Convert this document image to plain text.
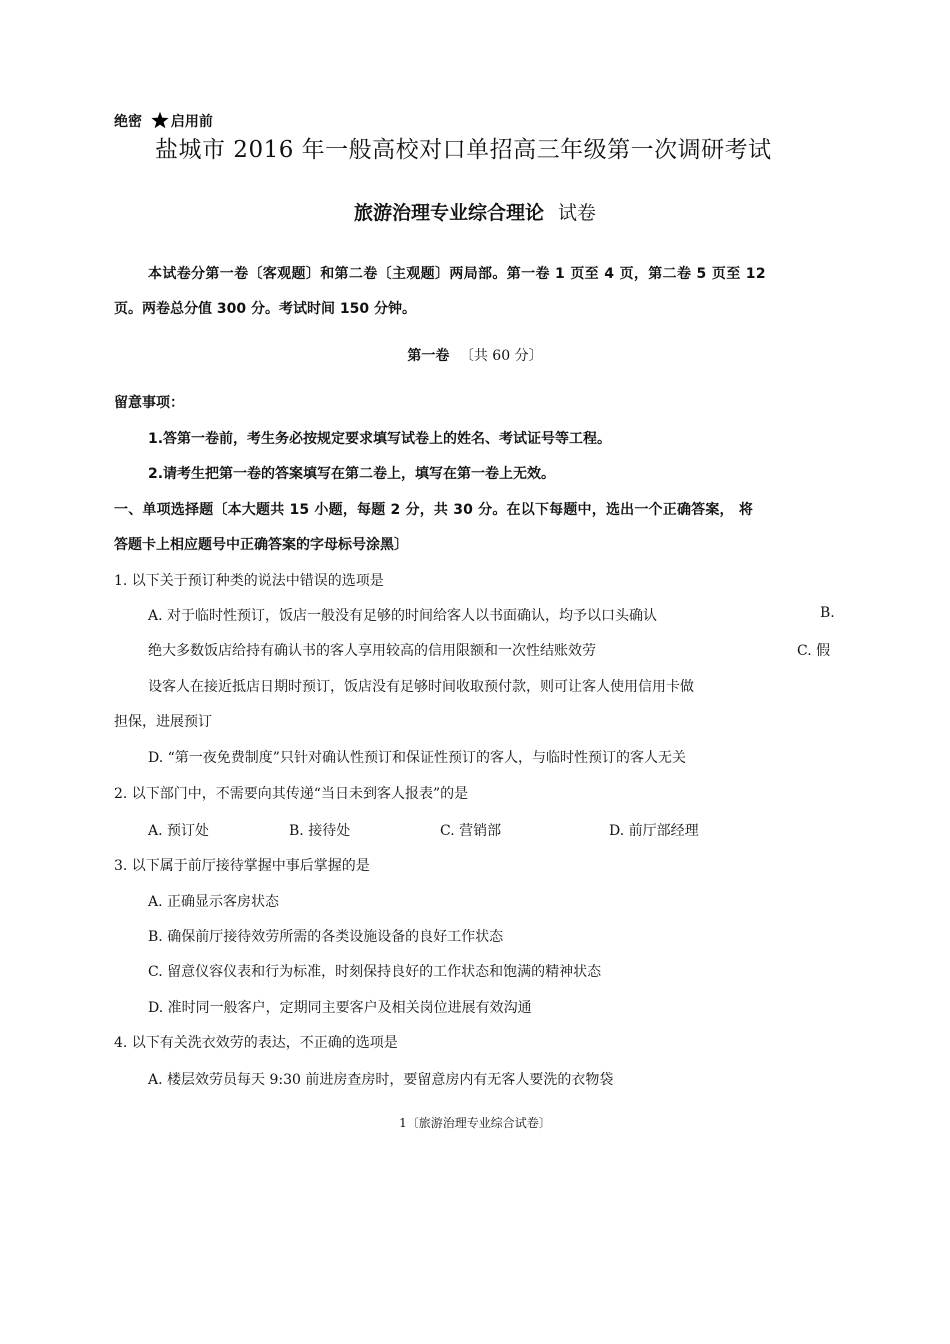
绝密 启用前
盐城市 2016 年一般高校对口单招高三年级第一次调研考试
旅游治理专业综合理论 试卷
本试卷分第一卷〔客观题〕和第二卷〔主观题〕两局部。第一卷 1 页至 4 页，第二卷 5 页至 12
页。两卷总分值 300 分。考试时间 150 分钟。
第一卷 〔共 60 分〕
留意事项：
1.答第一卷前，考生务必按规定要求填写试卷上的姓名、考试证号等工程。
2.请考生把第一卷的答案填写在第二卷上，填写在第一卷上无效。
一、单项选择题〔本大题共 15 小题，每题 2 分，共 30 分。在以下每题中，选出一个正确答案， 将
答题卡上相应题号中正确答案的字母标号涂黑〕
1. 以下关于预订种类的说法中错误的选项是
A. 对于临时性预订，饭店一般没有足够的时间给客人以书面确认，均予以口头确认	B.
绝大多数饭店给持有确认书的客人享用较高的信用限额和一次性结账效劳	C. 假
设客人在接近抵店日期时预订，饭店没有足够时间收取预付款，则可让客人使用信用卡做
担保，进展预订
D. “第一夜免费制度”只针对确认性预订和保证性预订的客人，与临时性预订的客人无关
2. 以下部门中，不需要向其传递“当日未到客人报表”的是
A. 预订处	B. 接待处	C. 营销部	D. 前厅部经理
3. 以下属于前厅接待掌握中事后掌握的是
A. 正确显示客房状态
B. 确保前厅接待效劳所需的各类设施设备的良好工作状态
C. 留意仪容仪表和行为标准，时刻保持良好的工作状态和饱满的精神状态
D. 准时同一般客户，定期同主要客户及相关岗位进展有效沟通
4. 以下有关洗衣效劳的表达，不正确的选项是
A. 楼层效劳员每天 9:30 前进房查房时，要留意房内有无客人要洗的衣物袋
1〔旅游治理专业综合试卷〕
